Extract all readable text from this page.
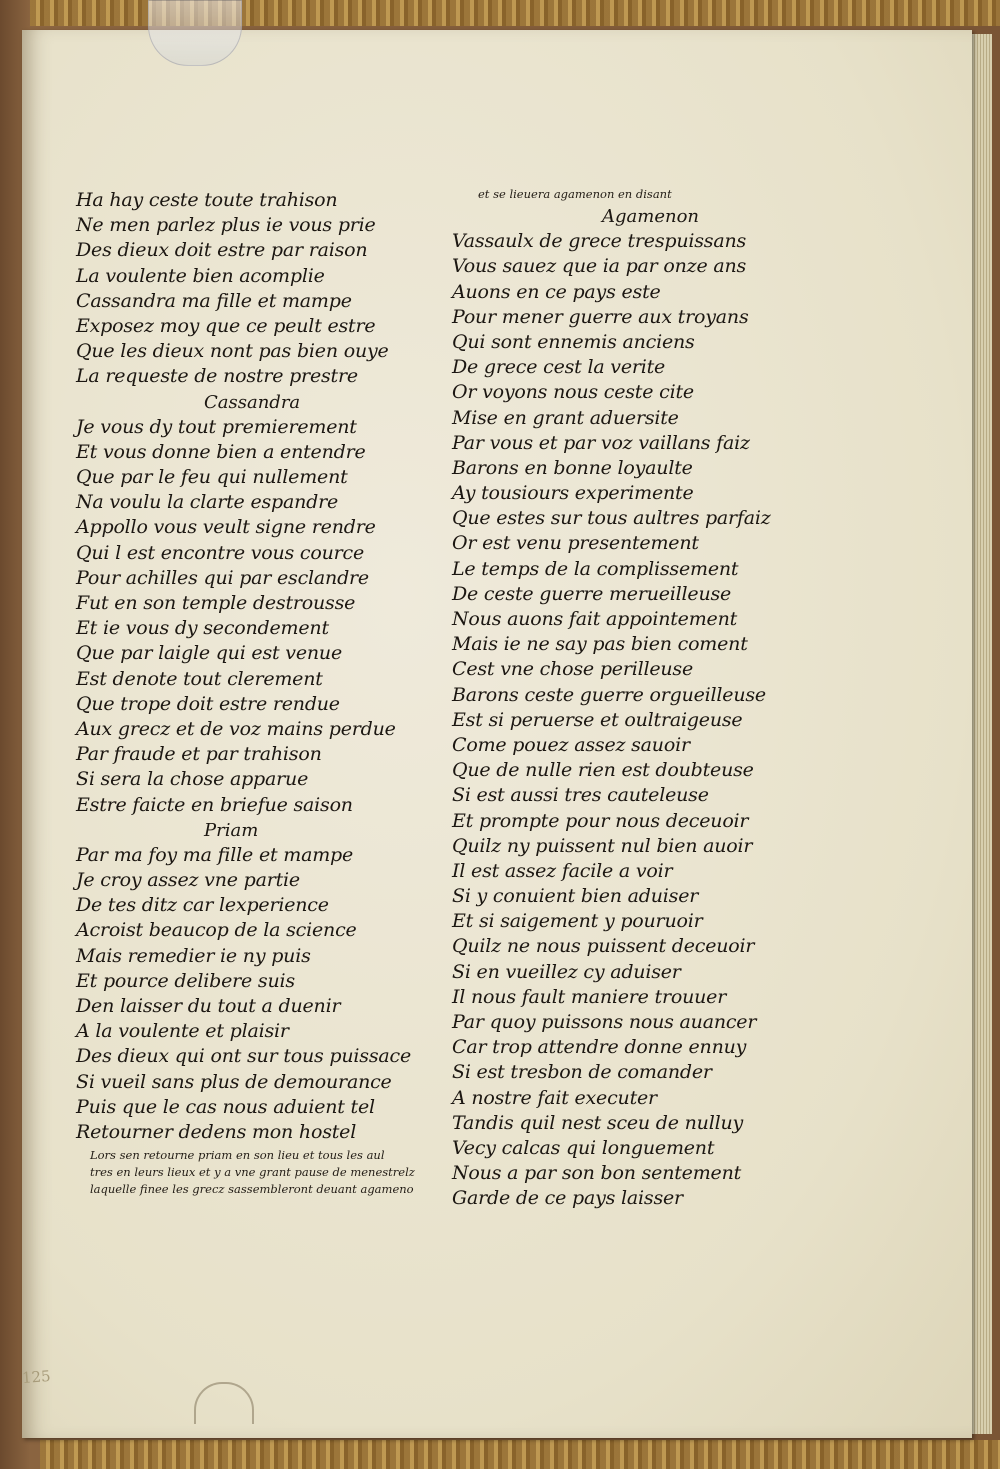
Ha hay ceste toute trahison
Ne men parlez plus ie vous prie
Des dieux doit estre par raison
La voulente bien acomplie
Cassandra ma fille et mampe
Exposez moy que ce peult estre
Que les dieux nont pas bien ouye
La requeste de nostre prestre
Cassandra
Je vous dy tout premierement
Et vous donne bien a entendre
Que par le feu qui nullement
Na voulu la clarte espandre
Appollo vous veult signe rendre
Qui l est encontre vous cource
Pour achilles qui par esclandre
Fut en son temple destrousse
Et ie vous dy secondement
Que par laigle qui est venue
Est denote tout clerement
Que trope doit estre rendue
Aux grecz et de voz mains perdue
Par fraude et par trahison
Si sera la chose apparue
Estre faicte en briefue saison
Priam
Par ma foy ma fille et mampe
Je croy assez vne partie
De tes ditz car lexperience
Acroist beaucop de la science
Mais remedier ie ny puis
Et pource delibere suis
Den laisser du tout a duenir
A la voulente et plaisir
Des dieux qui ont sur tous puissace
Si vueil sans plus de demourance
Puis que le cas nous aduient tel
Retourner dedens mon hostel
Lors sen retourne priam en son lieu et tous les aul
tres en leurs lieux et y a vne grant pause de menestrelz
laquelle finee les grecz sassembleront deuant agameno
et se lieuera agamenon en disant
Agamenon
Vassaulx de grece trespuissans
Vous sauez que ia par onze ans
Auons en ce pays este
Pour mener guerre aux troyans
Qui sont ennemis anciens
De grece cest la verite
Or voyons nous ceste cite
Mise en grant aduersite
Par vous et par voz vaillans faiz
Barons en bonne loyaulte
Ay tousiours experimente
Que estes sur tous aultres parfaiz
Or est venu presentement
Le temps de la complissement
De ceste guerre merueilleuse
Nous auons fait appointement
Mais ie ne say pas bien coment
Cest vne chose perilleuse
Barons ceste guerre orgueilleuse
Est si peruerse et oultraigeuse
Come pouez assez sauoir
Que de nulle rien est doubteuse
Si est aussi tres cauteleuse
Et prompte pour nous deceuoir
Quilz ny puissent nul bien auoir
Il est assez facile a voir
Si y conuient bien aduiser
Et si saigement y pouruoir
Quilz ne nous puissent deceuoir
Si en vueillez cy aduiser
Il nous fault maniere trouuer
Par quoy puissons nous auancer
Car trop attendre donne ennuy
Si est tresbon de comander
A nostre fait executer
Tandis quil nest sceu de nulluy
Vecy calcas qui longuement
Nous a par son bon sentement
Garde de ce pays laisser
125
